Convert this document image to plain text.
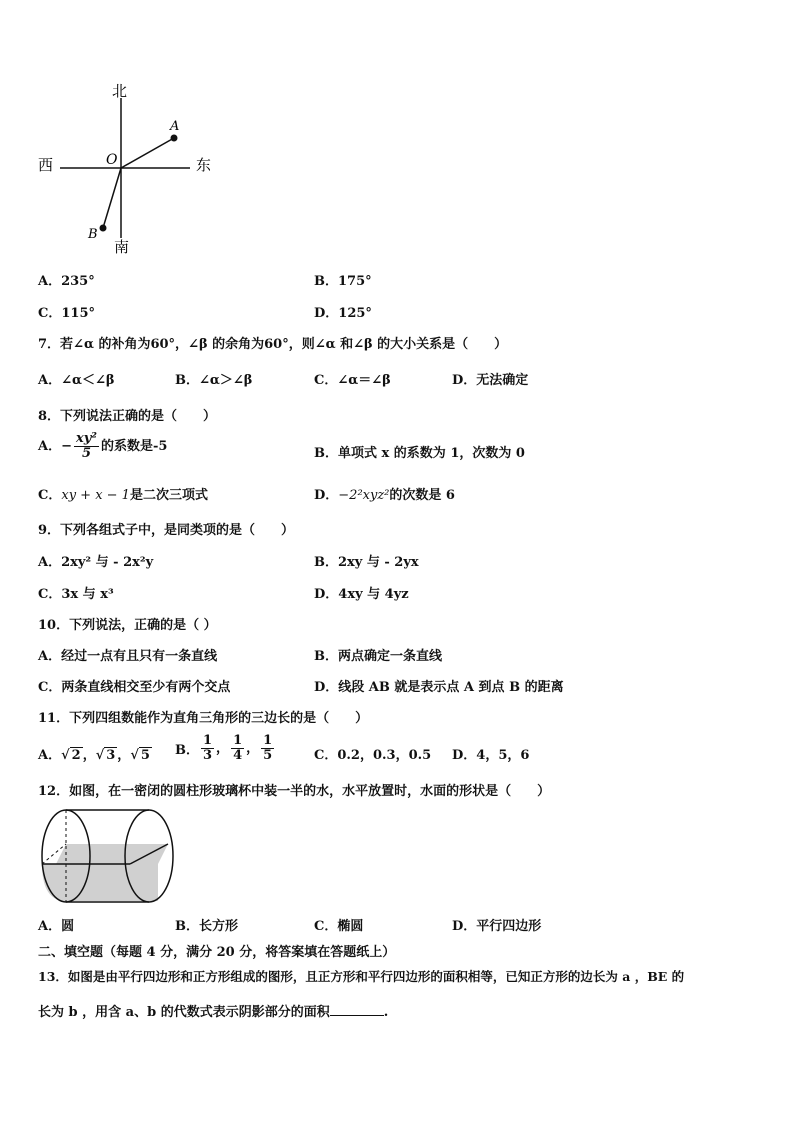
北
南
东
西	O
A
B
A．235°	B．175°
C．115°	D．125°
7．若∠α 的补角为60°，∠β 的余角为60°，则∠α 和∠β 的大小关系是（　　）
A．∠α＜∠β	B．∠α＞∠β	C．∠α＝∠β	D．无法确定
8．下列说法正确的是（　　）
A．− $\frac{\text{xy²}}{5}$ 的系数是-5	B．单项式 x 的系数为 1，次数为 0
C．xy + x − 1是二次三项式	D．−2²xyz²的次数是 6
9．下列各组式子中，是同类项的是（　　）
A．2xy² 与 - 2x²y	B．2xy 与 - 2yx
C．3x 与 x³	D．4xy 与 4yz
10．下列说法，正确的是（ ）
A．经过一点有且只有一条直线	B．两点确定一条直线
C．两条直线相交至少有两个交点	D．线段 AB 就是表示点 A 到点 B 的距离
11．下列四组数能作为直角三角形的三边长的是（　　）
A．√ 2 ，√ 3 ，√ 5 B． $\frac{1}{3}$ ， $\frac{1}{4}$ ， $\frac{1}{5}$	C．0.2，0.3，0.5 D．4，5，6
12．如图，在一密闭的圆柱形玻璃杯中装一半的水，水平放置时，水面的形状是（　　）
A．圆	B．长方形	C．椭圆	D．平行四边形
二、填空题（每题 4 分，满分 20 分，将答案填在答题纸上）
13．如图是由平行四边形和正方形组成的图形，且正方形和平行四边形的面积相等，已知正方形的边长为 a ，BE 的
长为 b ，用含 a、b 的代数式表示阴影部分的面积	.
